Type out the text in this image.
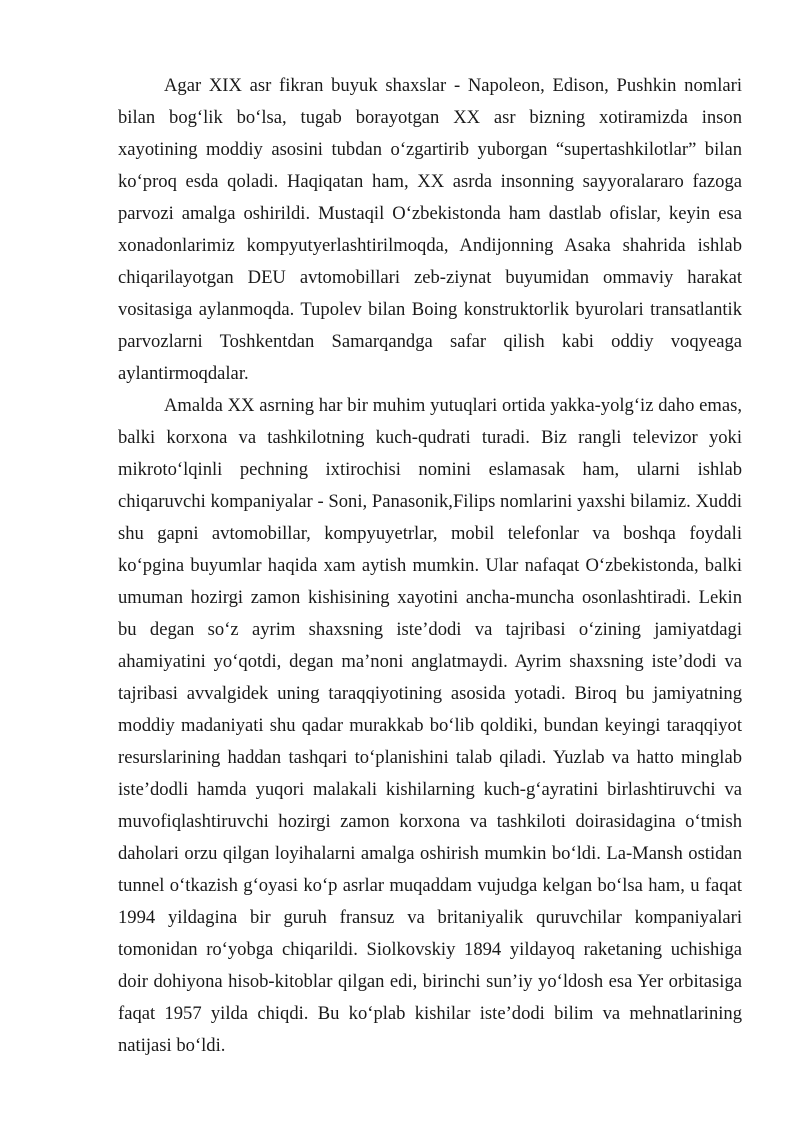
Agar XIX asr fikran buyuk shaxslar - Napoleon, Edison, Pushkin nomlari bilan bog‘lik bo‘lsa, tugab borayotgan XX asr bizning xotiramizda inson xayotining moddiy asosini tubdan o‘zgartirib yuborgan “supertashkilotlar” bilan ko‘proq esda qoladi. Haqiqatan ham, XX asrda insonning sayyoralararo fazoga parvozi amalga oshirildi. Mustaqil O‘zbekistonda ham dastlab ofislar, keyin esa xonadonlarimiz kompyutyerlashtirilmoqda, Andijonning Asaka shahrida ishlab chiqarilayotgan DEU avtomobillari zeb-ziynat buyumidan ommaviy harakat vositasiga aylanmoqda. Tupolev bilan Boing konstruktorlik byurolari transatlantik parvozlarni Toshkentdan Samarqandga safar qilish kabi oddiy voqyeaga aylantirmoqdalar.

Amalda XX asrning har bir muhim yutuqlari ortida yakka-yolg‘iz daho emas, balki korxona va tashkilotning kuch-qudrati turadi. Biz rangli televizor yoki mikroto‘lqinli pechning ixtirochisi nomini eslamasak ham, ularni ishlab chiqaruvchi kompaniyalar - Soni, Panasonik,Filips nomlarini yaxshi bilamiz. Xuddi shu gapni avtomobillar, kompyuyetrlar, mobil telefonlar va boshqa foydali ko‘pgina buyumlar haqida xam aytish mumkin. Ular nafaqat O‘zbekistonda, balki umuman hozirgi zamon kishisining xayotini ancha-muncha osonlashtiradi. Lekin bu degan so‘z ayrim shaxsning iste’dodi va tajribasi o‘zining jamiyatdagi ahamiyatini yo‘qotdi, degan ma’noni anglatmaydi. Ayrim shaxsning iste’dodi va tajribasi avvalgidek uning taraqqiyotining asosida yotadi. Biroq bu jamiyatning moddiy madaniyati shu qadar murakkab bo‘lib qoldiki, bundan keyingi taraqqiyot resurslarining haddan tashqari to‘planishini talab qiladi. Yuzlab va hatto minglab iste’dodli hamda yuqori malakali kishilarning kuch-g‘ayratini birlashtiruvchi va muvofiqlashtiruvchi hozirgi zamon korxona va tashkiloti doirasidagina o‘tmish daholari orzu qilgan loyihalarni amalga oshirish mumkin bo‘ldi. La-Mansh ostidan tunnel o‘tkazish g‘oyasi ko‘p asrlar muqaddam vujudga kelgan bo‘lsa ham, u faqat 1994 yildagina bir guruh fransuz va britaniyalik quruvchilar kompaniyalari tomonidan ro‘yobga chiqarildi. Siolkovskiy 1894 yildayoq raketaning uchishiga doir dohiyona hisob-kitoblar qilgan edi, birinchi sun’iy yo‘ldosh esa Yer orbitasiga faqat 1957 yilda chiqdi. Bu ko‘plab kishilar iste’dodi bilim va mehnatlarining natijasi bo‘ldi.
